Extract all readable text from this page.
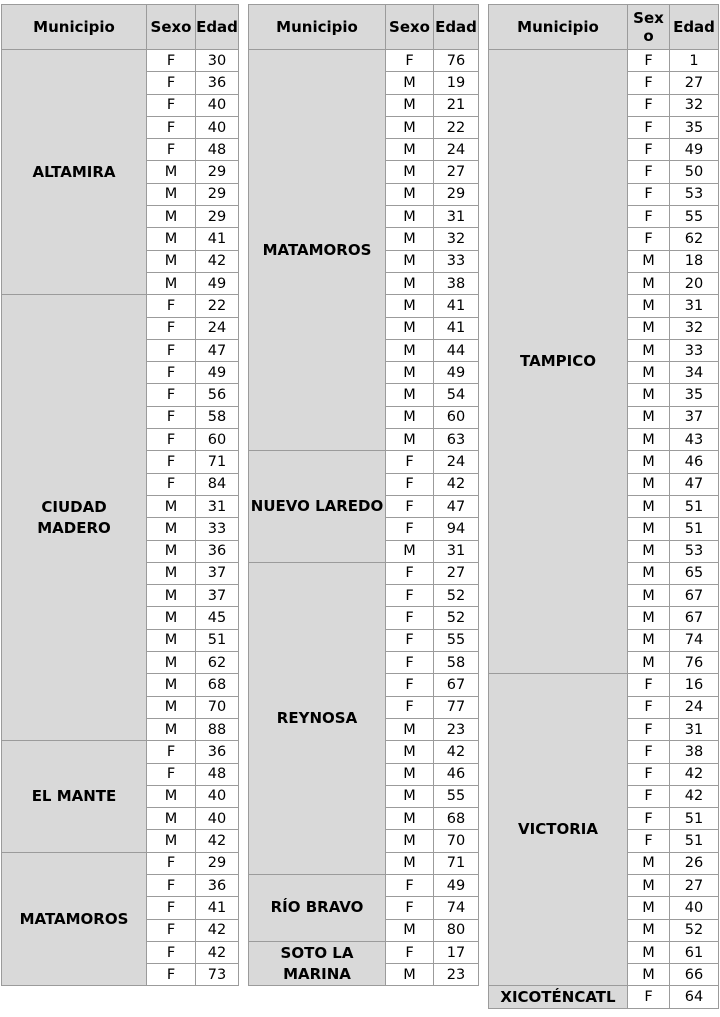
Municipio	Sexo	Edad
ALTAMIRA	F	30
	F	36
	F	40
	F	40
	F	48
	M	29
	M	29
	M	29
	M	41
	M	42
	M	49
CIUDAD MADERO	F	22
	F	24
	F	47
	F	49
	F	56
	F	58
	F	60
	F	71
	F	84
	M	31
	M	33
	M	36
	M	37
	M	37
	M	45
	M	51
	M	62
	M	68
	M	70
	M	88
EL MANTE	F	36
	F	48
	M	40
	M	40
	M	42
MATAMOROS	F	29
	F	36
	F	41
	F	42
	F	42
	F	73
Municipio	Sexo	Edad
MATAMOROS	F	76
	M	19
	M	21
	M	22
	M	24
	M	27
	M	29
	M	31
	M	32
	M	33
	M	38
	M	41
	M	41
	M	44
	M	49
	M	54
	M	60
	M	63
NUEVO LAREDO	F	24
	F	42
	F	47
	F	94
	M	31
REYNOSA	F	27
	F	52
	F	52
	F	55
	F	58
	F	67
	F	77
	M	23
	M	42
	M	46
	M	55
	M	68
	M	70
	M	71
RÍO BRAVO	F	49
	F	74
	M	80
SOTO LA MARINA	F	17
	M	23
Municipio	Sex
o	Edad
TAMPICO	F	1
	F	27
	F	32
	F	35
	F	49
	F	50
	F	53
	F	55
	F	62
	M	18
	M	20
	M	31
	M	32
	M	33
	M	34
	M	35
	M	37
	M	43
	M	46
	M	47
	M	51
	M	51
	M	53
	M	65
	M	67
	M	67
	M	74
	M	76
VICTORIA	F	16
	F	24
	F	31
	F	38
	F	42
	F	42
	F	51
	F	51
	M	26
	M	27
	M	40
	M	52
	M	61
	M	66
XICOTÉNCATL	F	64
